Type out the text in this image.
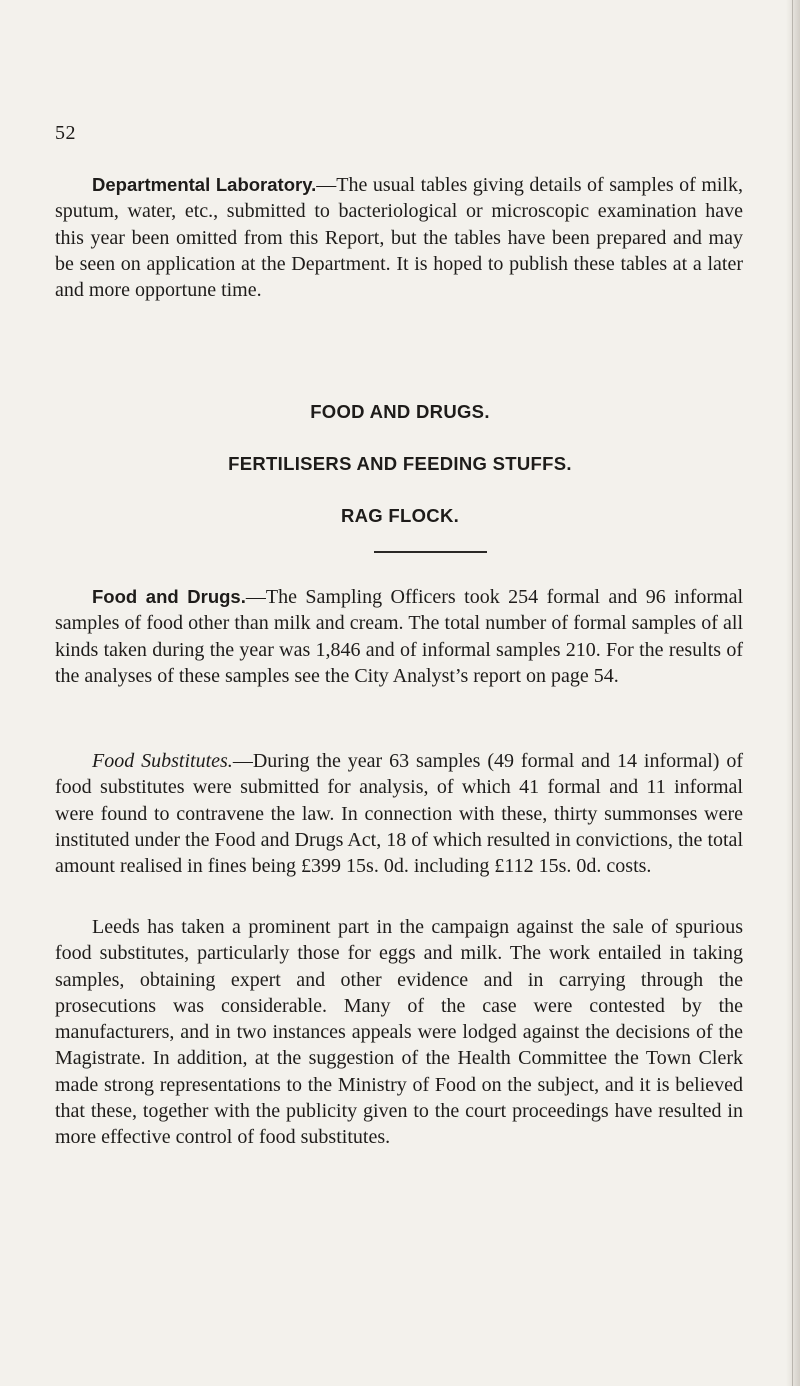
52

Departmental Laboratory.—The usual tables giving details of samples of milk, sputum, water, etc., submitted to bacteriological or microscopic examination have this year been omitted from this Report, but the tables have been prepared and may be seen on application at the Department. It is hoped to publish these tables at a later and more opportune time.

FOOD AND DRUGS.
FERTILISERS AND FEEDING STUFFS.
RAG FLOCK.

Food and Drugs.—The Sampling Officers took 254 formal and 96 informal samples of food other than milk and cream. The total number of formal samples of all kinds taken during the year was 1,846 and of informal samples 210. For the results of the analyses of these samples see the City Analyst’s report on page 54.

Food Substitutes.—During the year 63 samples (49 formal and 14 informal) of food substitutes were submitted for analysis, of which 41 formal and 11 informal were found to contravene the law. In connection with these, thirty summonses were instituted under the Food and Drugs Act, 18 of which resulted in convictions, the total amount realised in fines being £399 15s. 0d. including £112 15s. 0d. costs.

Leeds has taken a prominent part in the campaign against the sale of spurious food substitutes, particularly those for eggs and milk. The work entailed in taking samples, obtaining expert and other evidence and in carrying through the prosecutions was considerable. Many of the case were contested by the manufacturers, and in two instances appeals were lodged against the decisions of the Magistrate. In addition, at the suggestion of the Health Committee the Town Clerk made strong representations to the Ministry of Food on the subject, and it is believed that these, together with the publicity given to the court proceedings have resulted in more effective control of food substitutes.
